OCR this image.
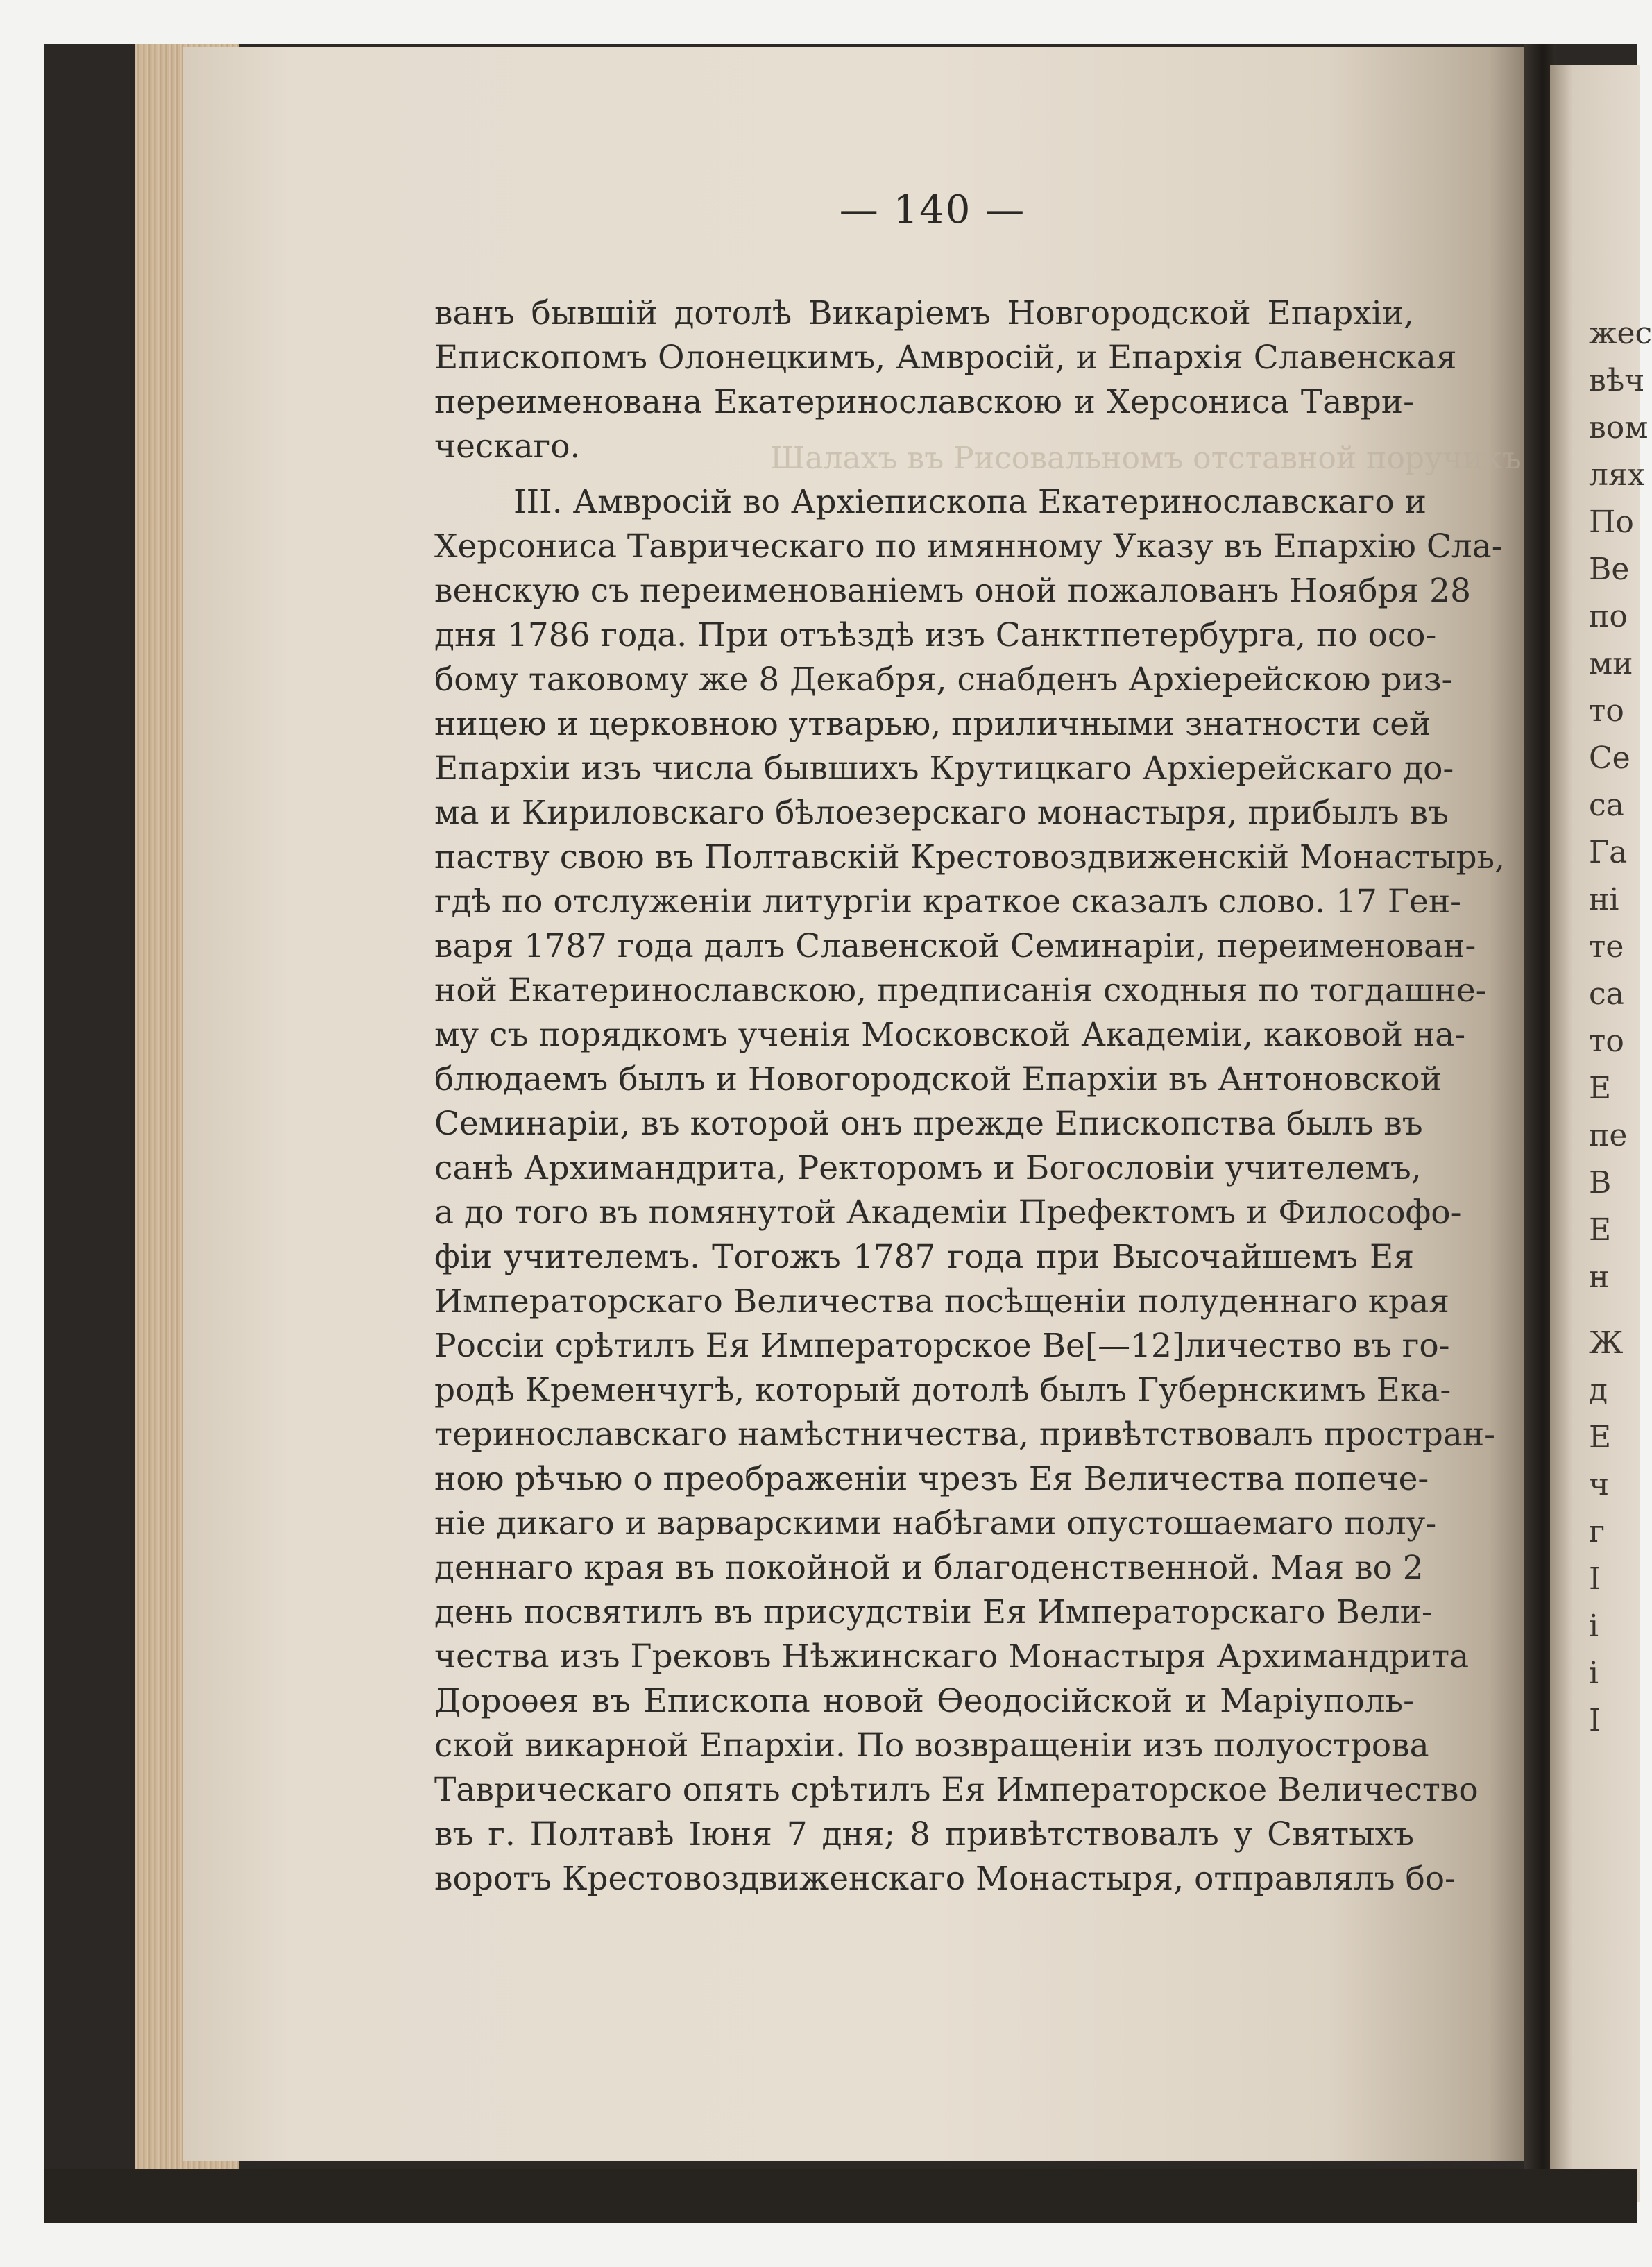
Шалахъ въ Рисовальномъ отставной поручикъ
— 140 —
ванъ бывшiй дотолѣ Викарiемъ Новгородской Епархiи,
Епископомъ Олонецкимъ, Амвросiй, и Епархiя Славенская
переименована Екатеринославскою и Херсониса Таври-
ческаго.
III. Амвросiй во Архiепископа Екатеринославскаго и
Херсониса Таврическаго по имянному Указу въ Епархiю Сла-
венскую съ переименованiемъ оной пожалованъ Ноября 28
дня 1786 года. При отъѣздѣ изъ Санктпетербурга, по осо-
бому таковому же 8 Декабря, снабденъ Архiерейскою риз-
ницею и церковною утварью, приличными знатности сей
Епархiи изъ числа бывшихъ Крутицкаго Архiерейскаго до-
ма и Кириловскаго бѣлоезерскаго монастыря, прибылъ въ
паству свою въ Полтавскiй Крестовоздвиженскiй Монастырь,
гдѣ по отслуженiи литургiи краткое сказалъ слово. 17 Ген-
варя 1787 года далъ Славенской Семинарiи, переименован-
ной Екатеринославскою, предписанiя сходныя по тогдашне-
му съ порядкомъ ученiя Московской Академiи, каковой на-
блюдаемъ былъ и Новогородской Епархiи въ Антоновской
Семинарiи, въ которой онъ прежде Епископства былъ въ
санѣ Архимандрита, Ректоромъ и Богословiи учителемъ,
а до того въ помянутой Академiи Префектомъ и Философо-
фiи учителемъ. Тогожъ 1787 года при Высочайшемъ Ея
Императорскаго Величества посѣщенiи полуденнаго края
Россiи срѣтилъ Ея Императорское Ве[—12]личество въ го-
родѣ Кременчугѣ, который дотолѣ былъ Губернскимъ Ека-
теринославскаго намѣстничества, привѣтствовалъ простран-
ною рѣчью о преображенiи чрезъ Ея Величества попече-
нiе дикаго и варварскими набѣгами опустошаемаго полу-
деннаго края въ покойной и благоденственной. Мая во 2
день посвятилъ въ присудствiи Ея Императорскаго Вели-
чества изъ Грековъ Нѣжинскаго Монастыря Архимандрита
Дороѳея въ Епископа новой Ѳеодосiйской и Марiуполь-
ской викарной Епархiи. По возвращенiи изъ полуострова
Таврическаго опять срѣтилъ Ея Императорское Величество
въ г. Полтавѣ Iюня 7 дня; 8 привѣтствовалъ у Святыхъ
воротъ Крестовоздвиженскаго Монастыря, отправлялъ бо-
жес
вѣч
вом
лях
По
Ве
по
ми
то
Се
са
Га
нi
те
са
то
Е
пе
В
Е
н
Ж
д
Е
ч
г
I
i
i
I
